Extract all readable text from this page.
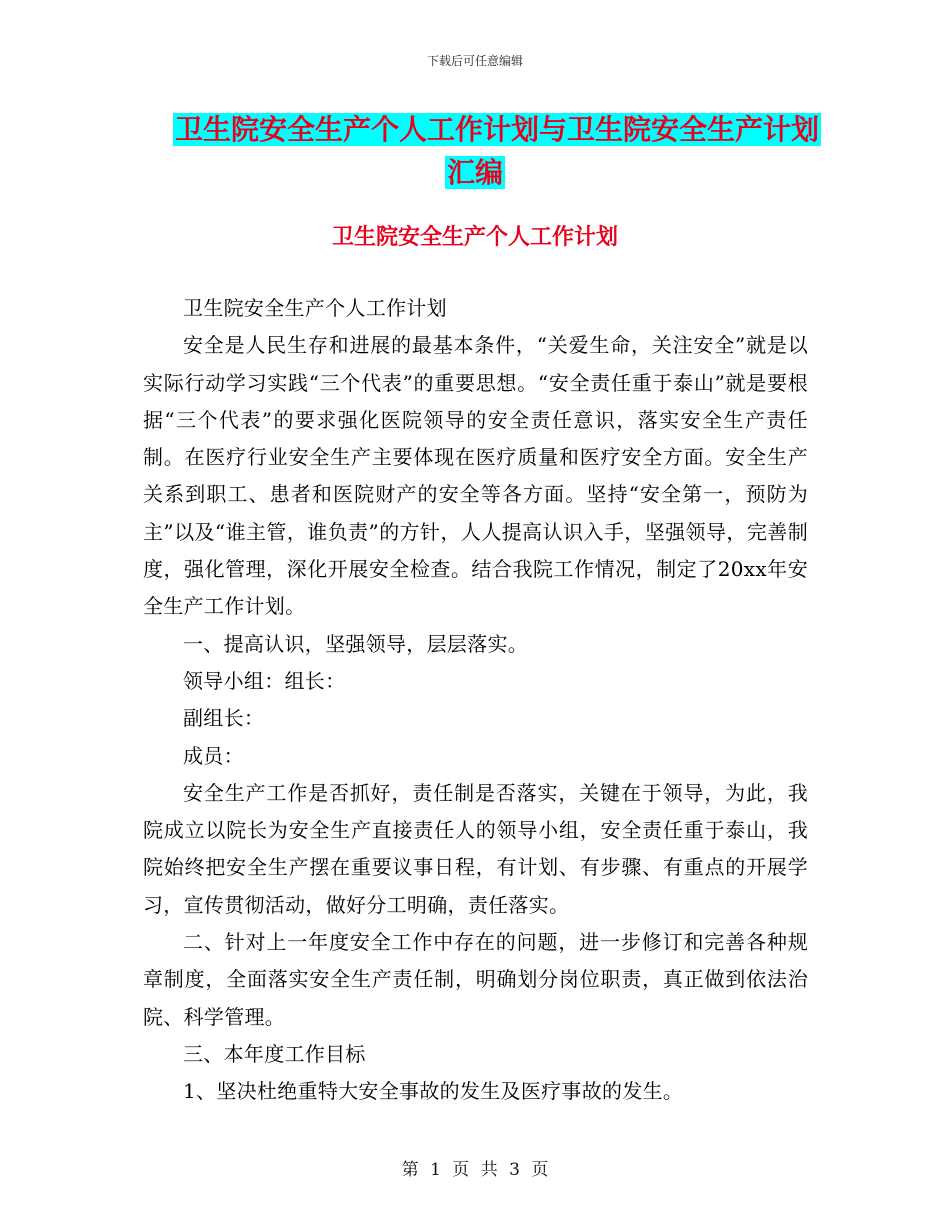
下载后可任意编辑
卫生院安全生产个人工作计划与卫生院安全生产计划
汇编
卫生院安全生产个人工作计划

卫生院安全生产个人工作计划

安全是人民生存和进展的最基本条件，“关爱生命，关注安全”就是以实际行动学习实践“三个代表”的重要思想。“安全责任重于泰山”就是要根据“三个代表”的要求强化医院领导的安全责任意识，落实安全生产责任制。在医疗行业安全生产主要体现在医疗质量和医疗安全方面。安全生产关系到职工、患者和医院财产的安全等各方面。坚持“安全第一，预防为主”以及“谁主管，谁负责”的方针，人人提高认识入手，坚强领导，完善制度，强化管理，深化开展安全检查。结合我院工作情况，制定了20xx年安全生产工作计划。

一、提高认识，坚强领导，层层落实。

领导小组：组长：

副组长：

成员：

安全生产工作是否抓好，责任制是否落实，关键在于领导，为此，我院成立以院长为安全生产直接责任人的领导小组，安全责任重于泰山，我院始终把安全生产摆在重要议事日程，有计划、有步骤、有重点的开展学习，宣传贯彻活动，做好分工明确，责任落实。

二、针对上一年度安全工作中存在的问题，进一步修订和完善各种规章制度，全面落实安全生产责任制，明确划分岗位职责，真正做到依法治院、科学管理。

三、本年度工作目标

1、坚决杜绝重特大安全事故的发生及医疗事故的发生。

第 1 页 共 3 页
